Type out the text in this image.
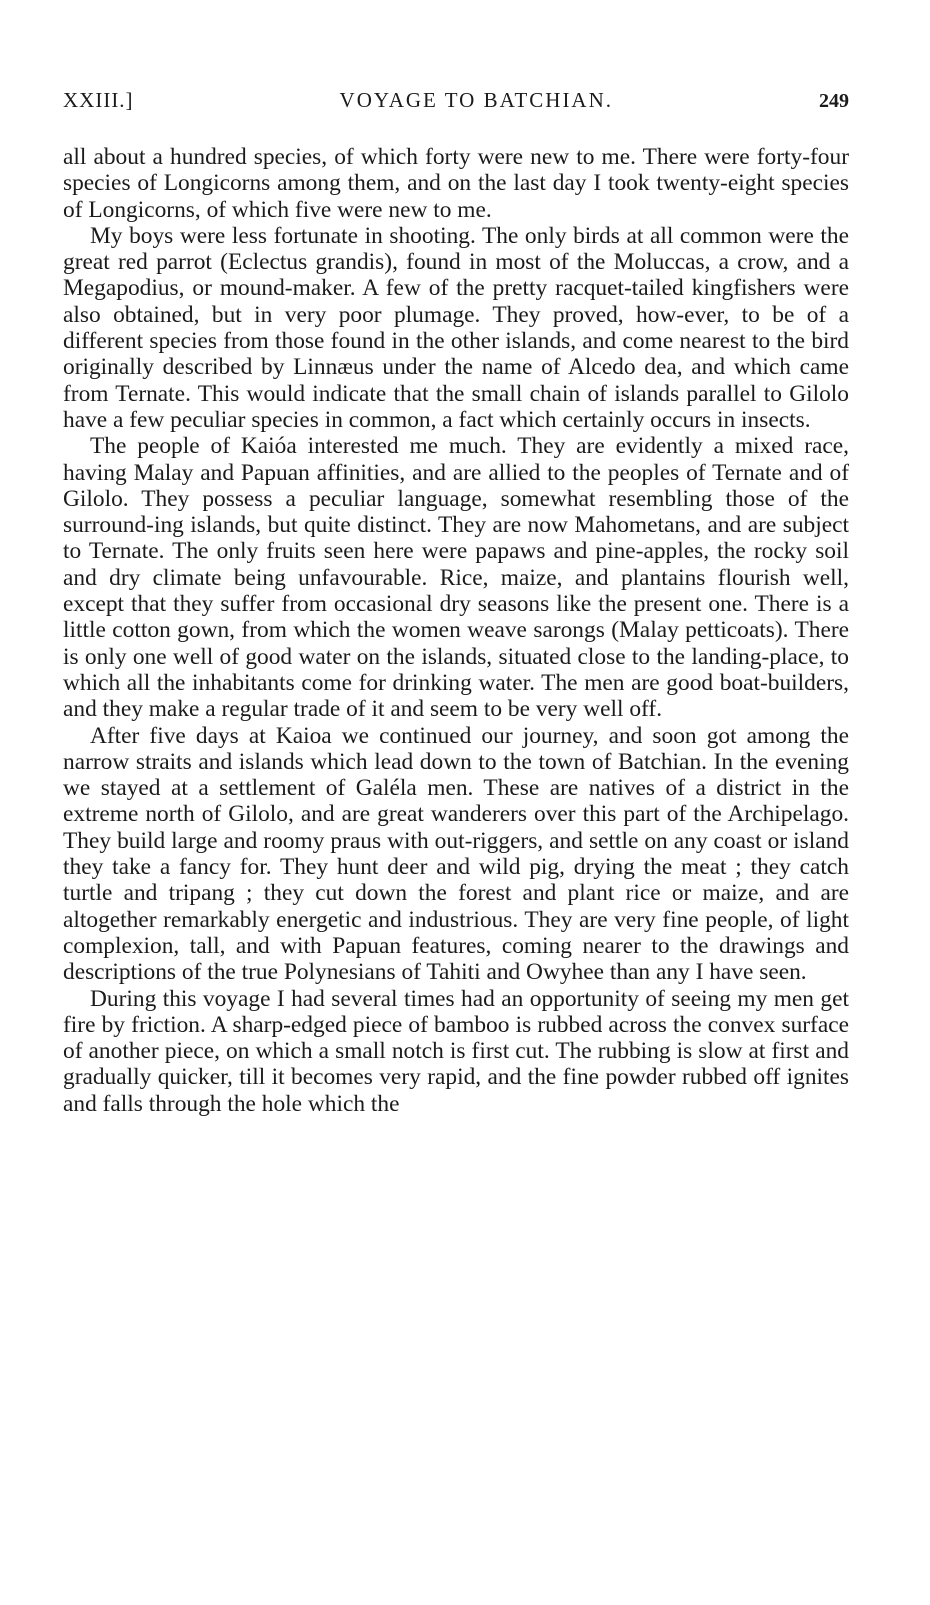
XXIII.]	VOYAGE TO BATCHIAN.	249

all about a hundred species, of which forty were new to me. There were forty-four species of Longicorns among them, and on the last day I took twenty-eight species of Longicorns, of which five were new to me.

My boys were less fortunate in shooting. The only birds at all common were the great red parrot (Eclectus grandis), found in most of the Moluccas, a crow, and a Megapodius, or mound-maker. A few of the pretty racquet-tailed kingfishers were also obtained, but in very poor plumage. They proved, how-ever, to be of a different species from those found in the other islands, and come nearest to the bird originally described by Linnæus under the name of Alcedo dea, and which came from Ternate. This would indicate that the small chain of islands parallel to Gilolo have a few peculiar species in common, a fact which certainly occurs in insects.

The people of Kaióa interested me much. They are evidently a mixed race, having Malay and Papuan affinities, and are allied to the peoples of Ternate and of Gilolo. They possess a peculiar language, somewhat resembling those of the surround-ing islands, but quite distinct. They are now Mahometans, and are subject to Ternate. The only fruits seen here were papaws and pine-apples, the rocky soil and dry climate being unfavourable. Rice, maize, and plantains flourish well, except that they suffer from occasional dry seasons like the present one. There is a little cotton gown, from which the women weave sarongs (Malay petticoats). There is only one well of good water on the islands, situated close to the landing-place, to which all the inhabitants come for drinking water. The men are good boat-builders, and they make a regular trade of it and seem to be very well off.

After five days at Kaioa we continued our journey, and soon got among the narrow straits and islands which lead down to the town of Batchian. In the evening we stayed at a settlement of Galéla men. These are natives of a district in the extreme north of Gilolo, and are great wanderers over this part of the Archipelago. They build large and roomy praus with out-riggers, and settle on any coast or island they take a fancy for. They hunt deer and wild pig, drying the meat ; they catch turtle and tripang ; they cut down the forest and plant rice or maize, and are altogether remarkably energetic and industrious. They are very fine people, of light complexion, tall, and with Papuan features, coming nearer to the drawings and descriptions of the true Polynesians of Tahiti and Owyhee than any I have seen.

During this voyage I had several times had an opportunity of seeing my men get fire by friction. A sharp-edged piece of bamboo is rubbed across the convex surface of another piece, on which a small notch is first cut. The rubbing is slow at first and gradually quicker, till it becomes very rapid, and the fine powder rubbed off ignites and falls through the hole which the
